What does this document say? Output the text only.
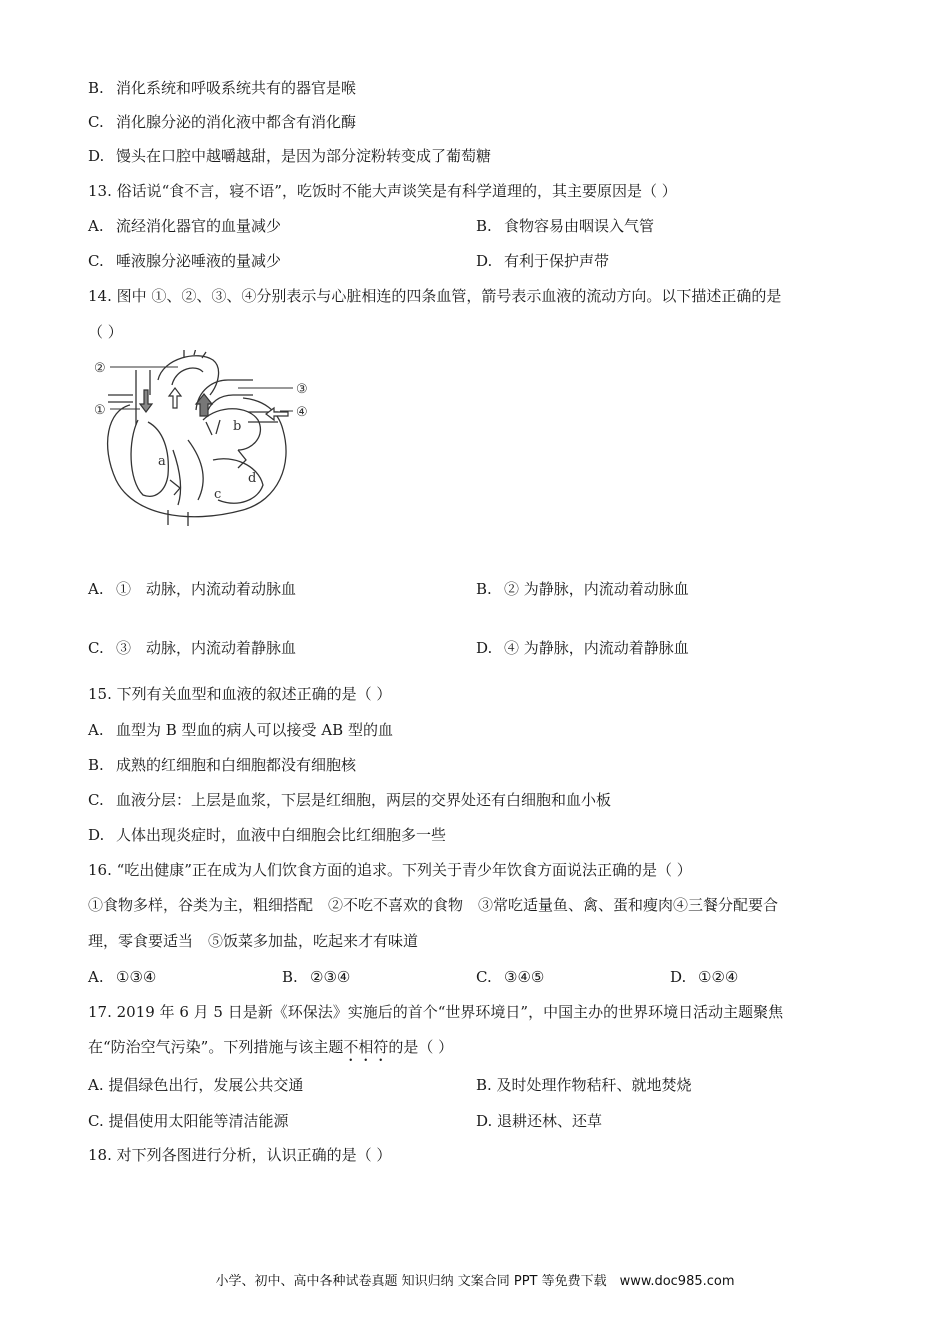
B. 消化系统和呼吸系统共有的器官是喉
C. 消化腺分泌的消化液中都含有消化酶
D. 馒头在口腔中越嚼越甜，是因为部分淀粉转变成了葡萄糖
13. 俗话说“食不言，寝不语”，吃饭时不能大声谈笑是有科学道理的，其主要原因是（ ）
A. 流经消化器官的血量减少	B. 食物容易由咽误入气管
C. 唾液腺分泌唾液的量减少	D. 有利于保护声带
14. 图中 ①、②、③、④分别表示与心脏相连的四条血管，箭号表示血液的流动方向。以下描述正确的是
（ ）
②
③
①	④
a
b
c
d
A. ①　动脉，内流动着动脉血	B. ② 为静脉，内流动着动脉血
C. ③　动脉，内流动着静脉血	D. ④ 为静脉，内流动着静脉血
15. 下列有关血型和血液的叙述正确的是（ ）
A. 血型为 B 型血的病人可以接受 AB 型的血
B. 成熟的红细胞和白细胞都没有细胞核
C. 血液分层：上层是血浆，下层是红细胞，两层的交界处还有白细胞和血小板
D. 人体出现炎症时，血液中白细胞会比红细胞多一些
16. “吃出健康”正在成为人们饮食方面的追求。下列关于青少年饮食方面说法正确的是（ ）
①食物多样，谷类为主，粗细搭配　②不吃不喜欢的食物　③常吃适量鱼、禽、蛋和瘦肉④三餐分配要合
理，零食要适当　⑤饭菜多加盐，吃起来才有味道
A. ①③④	B. ②③④	C. ③④⑤	D. ①②④
17. 2019 年 6 月 5 日是新《环保法》实施后的首个“世界环境日”，中国主办的世界环境日活动主题聚焦
在“防治空气污染”。下列措施与该主题不相符的是（ ）
A. 提倡绿色出行，发展公共交通	B. 及时处理作物秸秆、就地焚烧
C. 提倡使用太阳能等清洁能源	D. 退耕还林、还草
18. 对下列各图进行分析，认识正确的是（ ）
小学、初中、高中各种试卷真题 知识归纳 文案合同 PPT 等免费下载　www.doc985.com
